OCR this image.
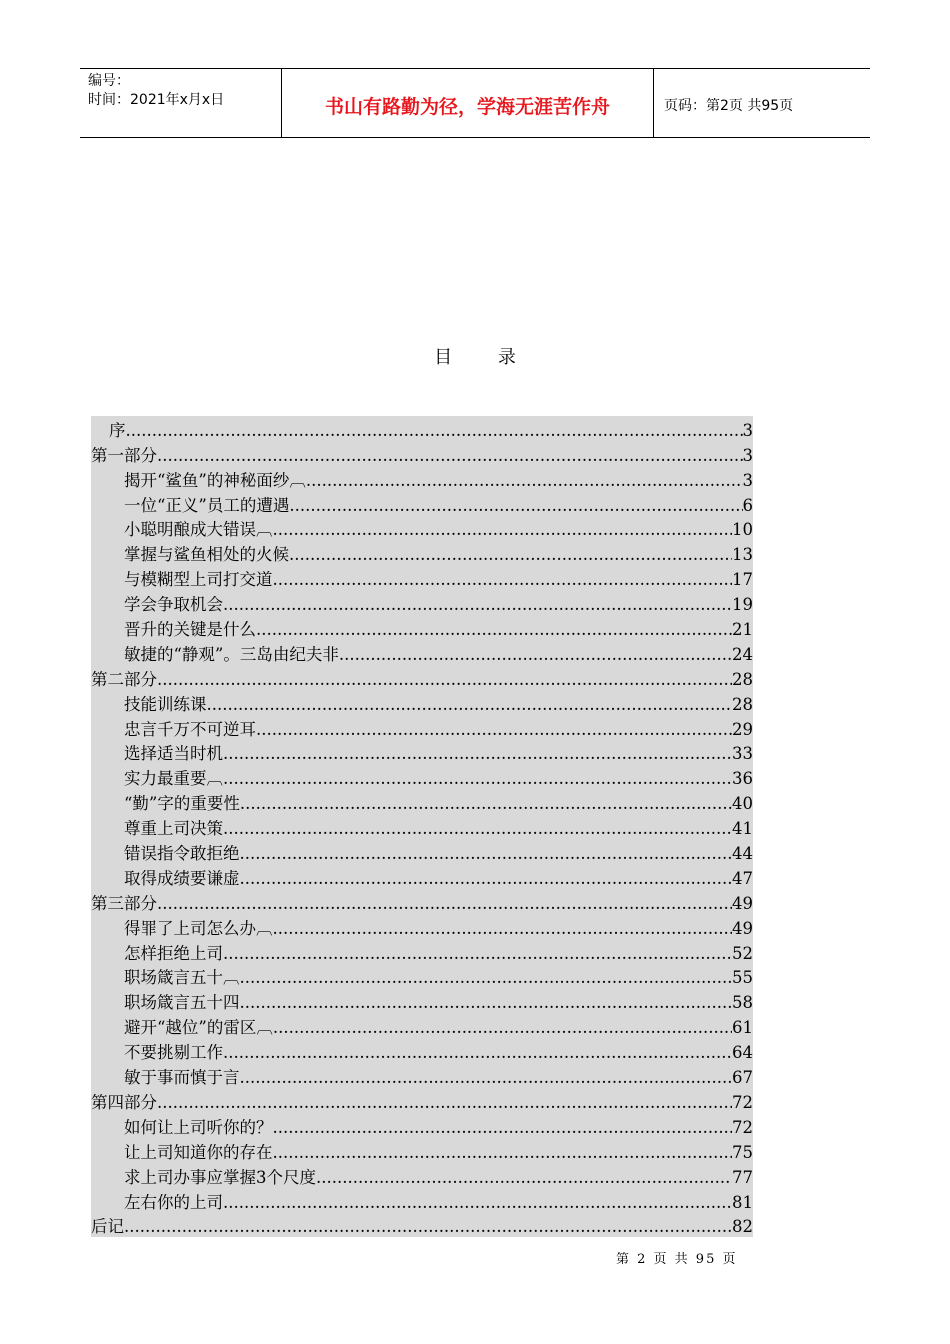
编号：
时间：2021年x月x日	书山有路勤为径，学海无涯苦作舟	页码：第2页 共95页
目 录
序 .....	3
第一部分 .....	3
揭开“鲨鱼”的神秘面纱︹ .....	3
一位“正义”员工的遭遇 .....	6
小聪明酿成大错误︹ .....	10
掌握与鲨鱼相处的火候 .....	13
与模糊型上司打交道 .....	17
学会争取机会 .....	19
晋升的关键是什么 .....	21
敏捷的“静观”。三岛由纪夫非 .....	24
第二部分 .....	28
技能训练课 .....	28
忠言千万不可逆耳 .....	29
选择适当时机 .....	33
实力最重要︹ .....	36
“勤”字的重要性 .....	40
尊重上司决策 .....	41
错误指令敢拒绝 .....	44
取得成绩要谦虚 .....	47
第三部分 .....	49
得罪了上司怎么办︹ .....	49
怎样拒绝上司 .....	52
职场箴言五十︹ .....	55
职场箴言五十四 .....	58
避开“越位”的雷区︹ .....	61
不要挑剔工作 .....	64
敏于事而慎于言 .....	67
第四部分 .....	72
如何让上司听你的？ .....	72
让上司知道你的存在 .....	75
求上司办事应掌握3个尺度 .....	77
左右你的上司 .....	81
后记 .....	82
第 2 页 共 95 页
